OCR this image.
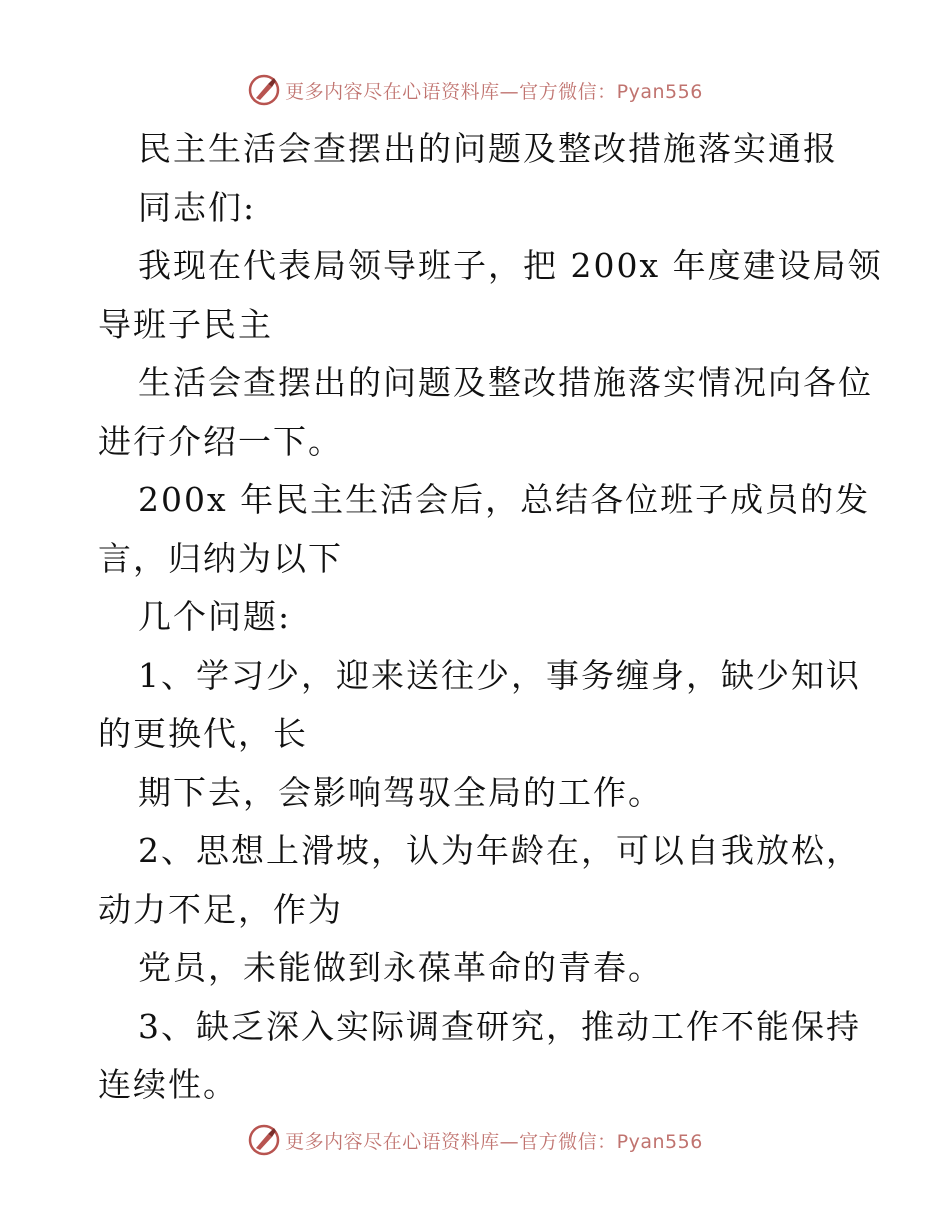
更多内容尽在心语资料库—官方微信：Pyan556
民主生活会查摆出的问题及整改措施落实通报
同志们:
我现在代表局领导班子，把 200x 年度建设局领
导班子民主
生活会查摆出的问题及整改措施落实情况向各位
进行介绍一下。
200x 年民主生活会后，总结各位班子成员的发
言，归纳为以下
几个问题:
1、学习少，迎来送往少，事务缠身，缺少知识
的更换代，长
期下去，会影响驾驭全局的工作。
2、思想上滑坡，认为年龄在，可以自我放松，
动力不足，作为
党员，未能做到永葆革命的青春。
3、缺乏深入实际调查研究，推动工作不能保持
连续性。
更多内容尽在心语资料库—官方微信：Pyan556
